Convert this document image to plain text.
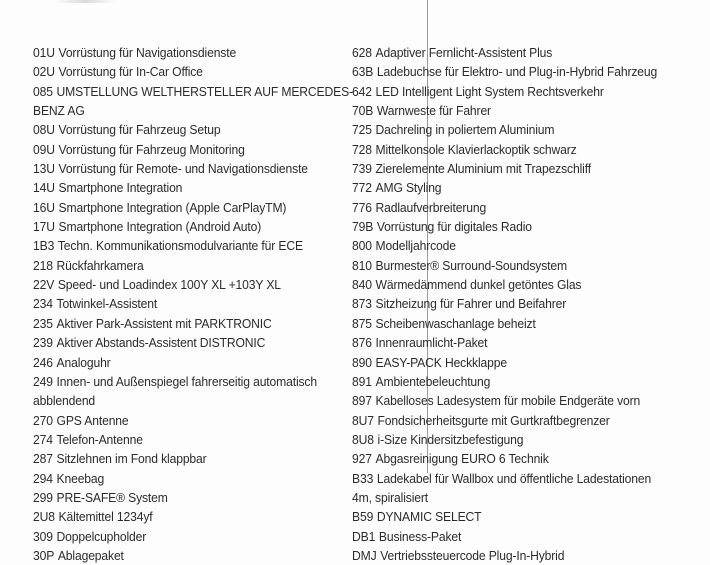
01U Vorrüstung für Navigationsdienste
02U Vorrüstung für In-Car Office
085 UMSTELLUNG WELTHERSTELLER AUF MERCEDES-
BENZ AG
08U Vorrüstung für Fahrzeug Setup
09U Vorrüstung für Fahrzeug Monitoring
13U Vorrüstung für Remote- und Navigationsdienste
14U Smartphone Integration
16U Smartphone Integration (Apple CarPlayTM)
17U Smartphone Integration (Android Auto)
1B3 Techn. Kommunikationsmodulvariante für ECE
218 Rückfahrkamera
22V Speed- und Loadindex 100Y XL +103Y XL
234 Totwinkel-Assistent
235 Aktiver Park-Assistent mit PARKTRONIC
239 Aktiver Abstands-Assistent DISTRONIC
246 Analoguhr
249 Innen- und Außenspiegel fahrerseitig automatisch
abblendend
270 GPS Antenne
274 Telefon-Antenne
287 Sitzlehnen im Fond klappbar
294 Kneebag
299 PRE-SAFE® System
2U8 Kältemittel 1234yf
309 Doppelcupholder
30P Ablagepaket
628 Adaptiver Fernlicht-Assistent Plus
63B Ladebuchse für Elektro- und Plug-in-Hybrid Fahrzeug
642 LED Intelligent Light System Rechtsverkehr
70B Warnweste für Fahrer
725 Dachreling in poliertem Aluminium
728 Mittelkonsole Klavierlackoptik schwarz
739 Zierelemente Aluminium mit Trapezschliff
772 AMG Styling
776 Radlaufverbreiterung
79B Vorrüstung für digitales Radio
800 Modelljahrcode
810 Burmester® Surround-Soundsystem
840 Wärmedämmend dunkel getöntes Glas
873 Sitzheizung für Fahrer und Beifahrer
875 Scheibenwaschanlage beheizt
876 Innenraumlicht-Paket
890 EASY-PACK Heckklappe
891 Ambientebeleuchtung
897 Kabelloses Ladesystem für mobile Endgeräte vorn
8U7 Fondsicherheitsgurte mit Gurtkraftbegrenzer
8U8 i-Size Kindersitzbefestigung
927 Abgasreinigung EURO 6 Technik
B33 Ladekabel für Wallbox und öffentliche Ladestationen
4m, spiralisiert
B59 DYNAMIC SELECT
DB1 Business-Paket
DMJ Vertriebssteuercode Plug-In-Hybrid
